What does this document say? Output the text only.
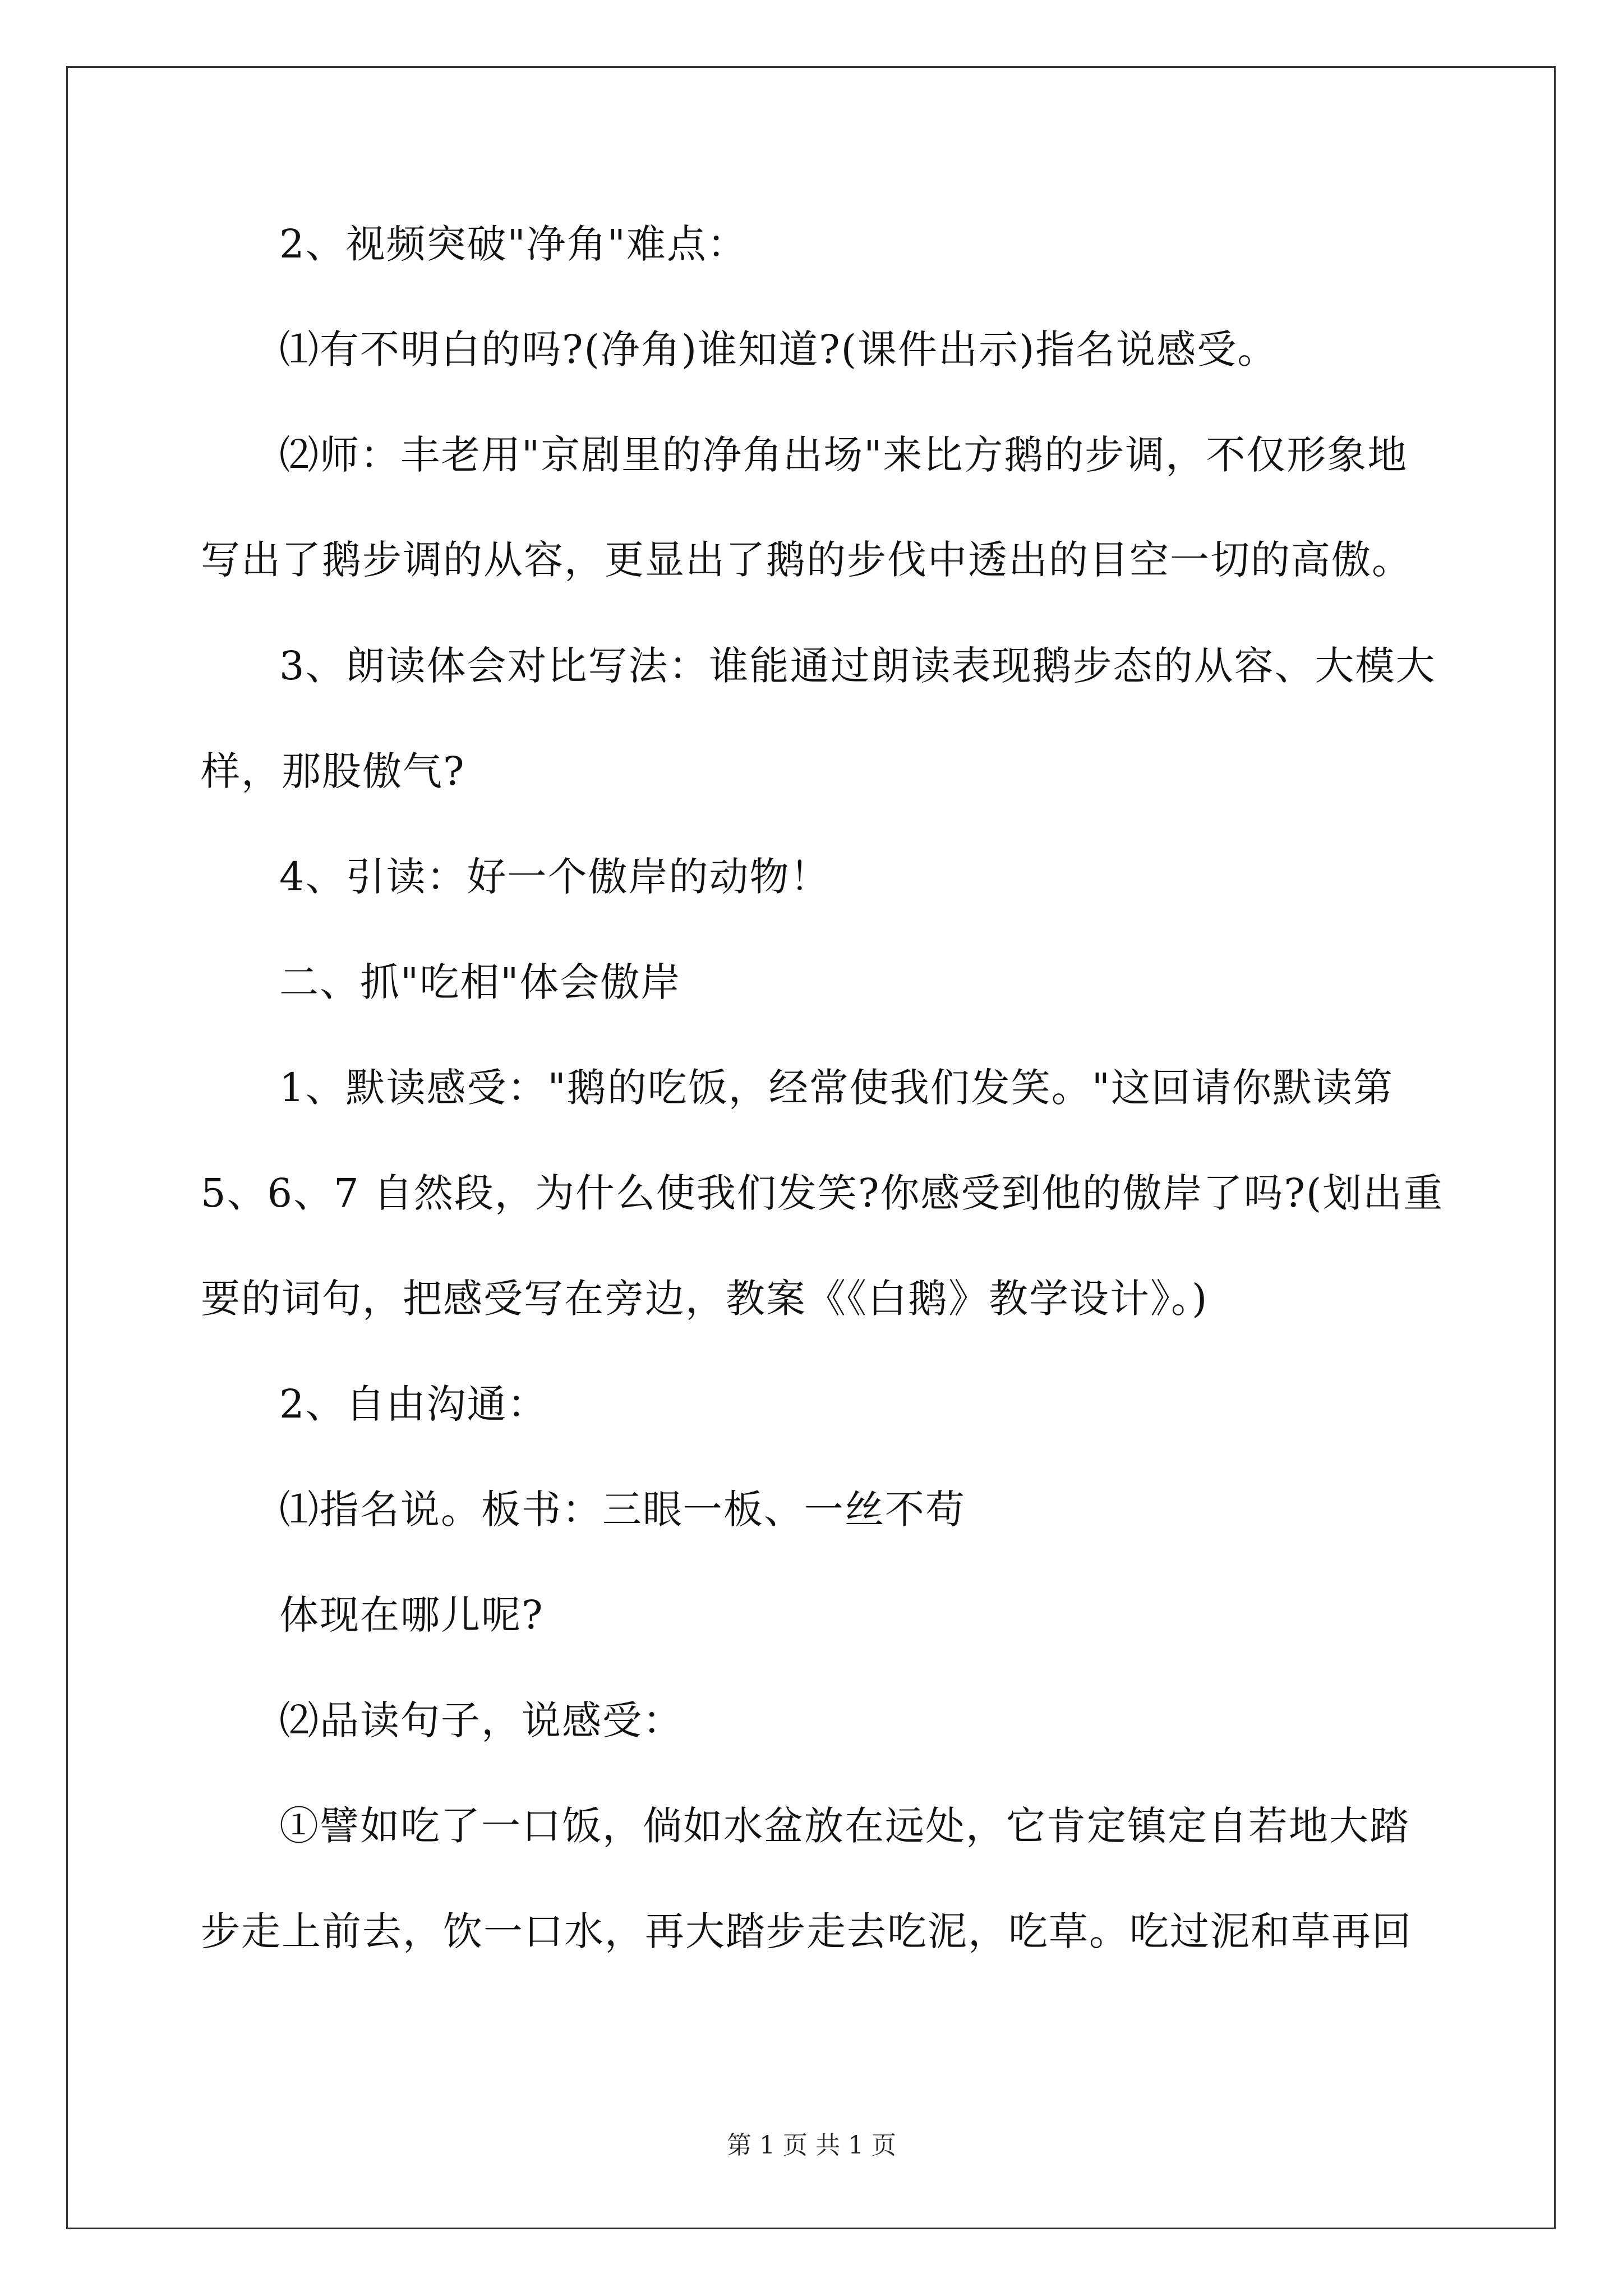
2、视频突破"净角"难点：
⑴有不明白的吗?(净角)谁知道?(课件出示)指名说感受。
⑵师：丰老用"京剧里的净角出场"来比方鹅的步调，不仅形象地
写出了鹅步调的从容，更显出了鹅的步伐中透出的目空一切的高傲。
3、朗读体会对比写法：谁能通过朗读表现鹅步态的从容、大模大
样，那股傲气?
4、引读：好一个傲岸的动物！
二、抓"吃相"体会傲岸
1、默读感受："鹅的吃饭，经常使我们发笑。"这回请你默读第
5、6、7 自然段，为什么使我们发笑?你感受到他的傲岸了吗?(划出重
要的词句，把感受写在旁边，教案《《白鹅》教学设计》。)
2、自由沟通：
⑴指名说。板书：三眼一板、一丝不苟
体现在哪儿呢?
⑵品读句子，说感受：
①譬如吃了一口饭，倘如水盆放在远处，它肯定镇定自若地大踏
步走上前去，饮一口水，再大踏步走去吃泥，吃草。吃过泥和草再回
第 1 页 共 1 页
